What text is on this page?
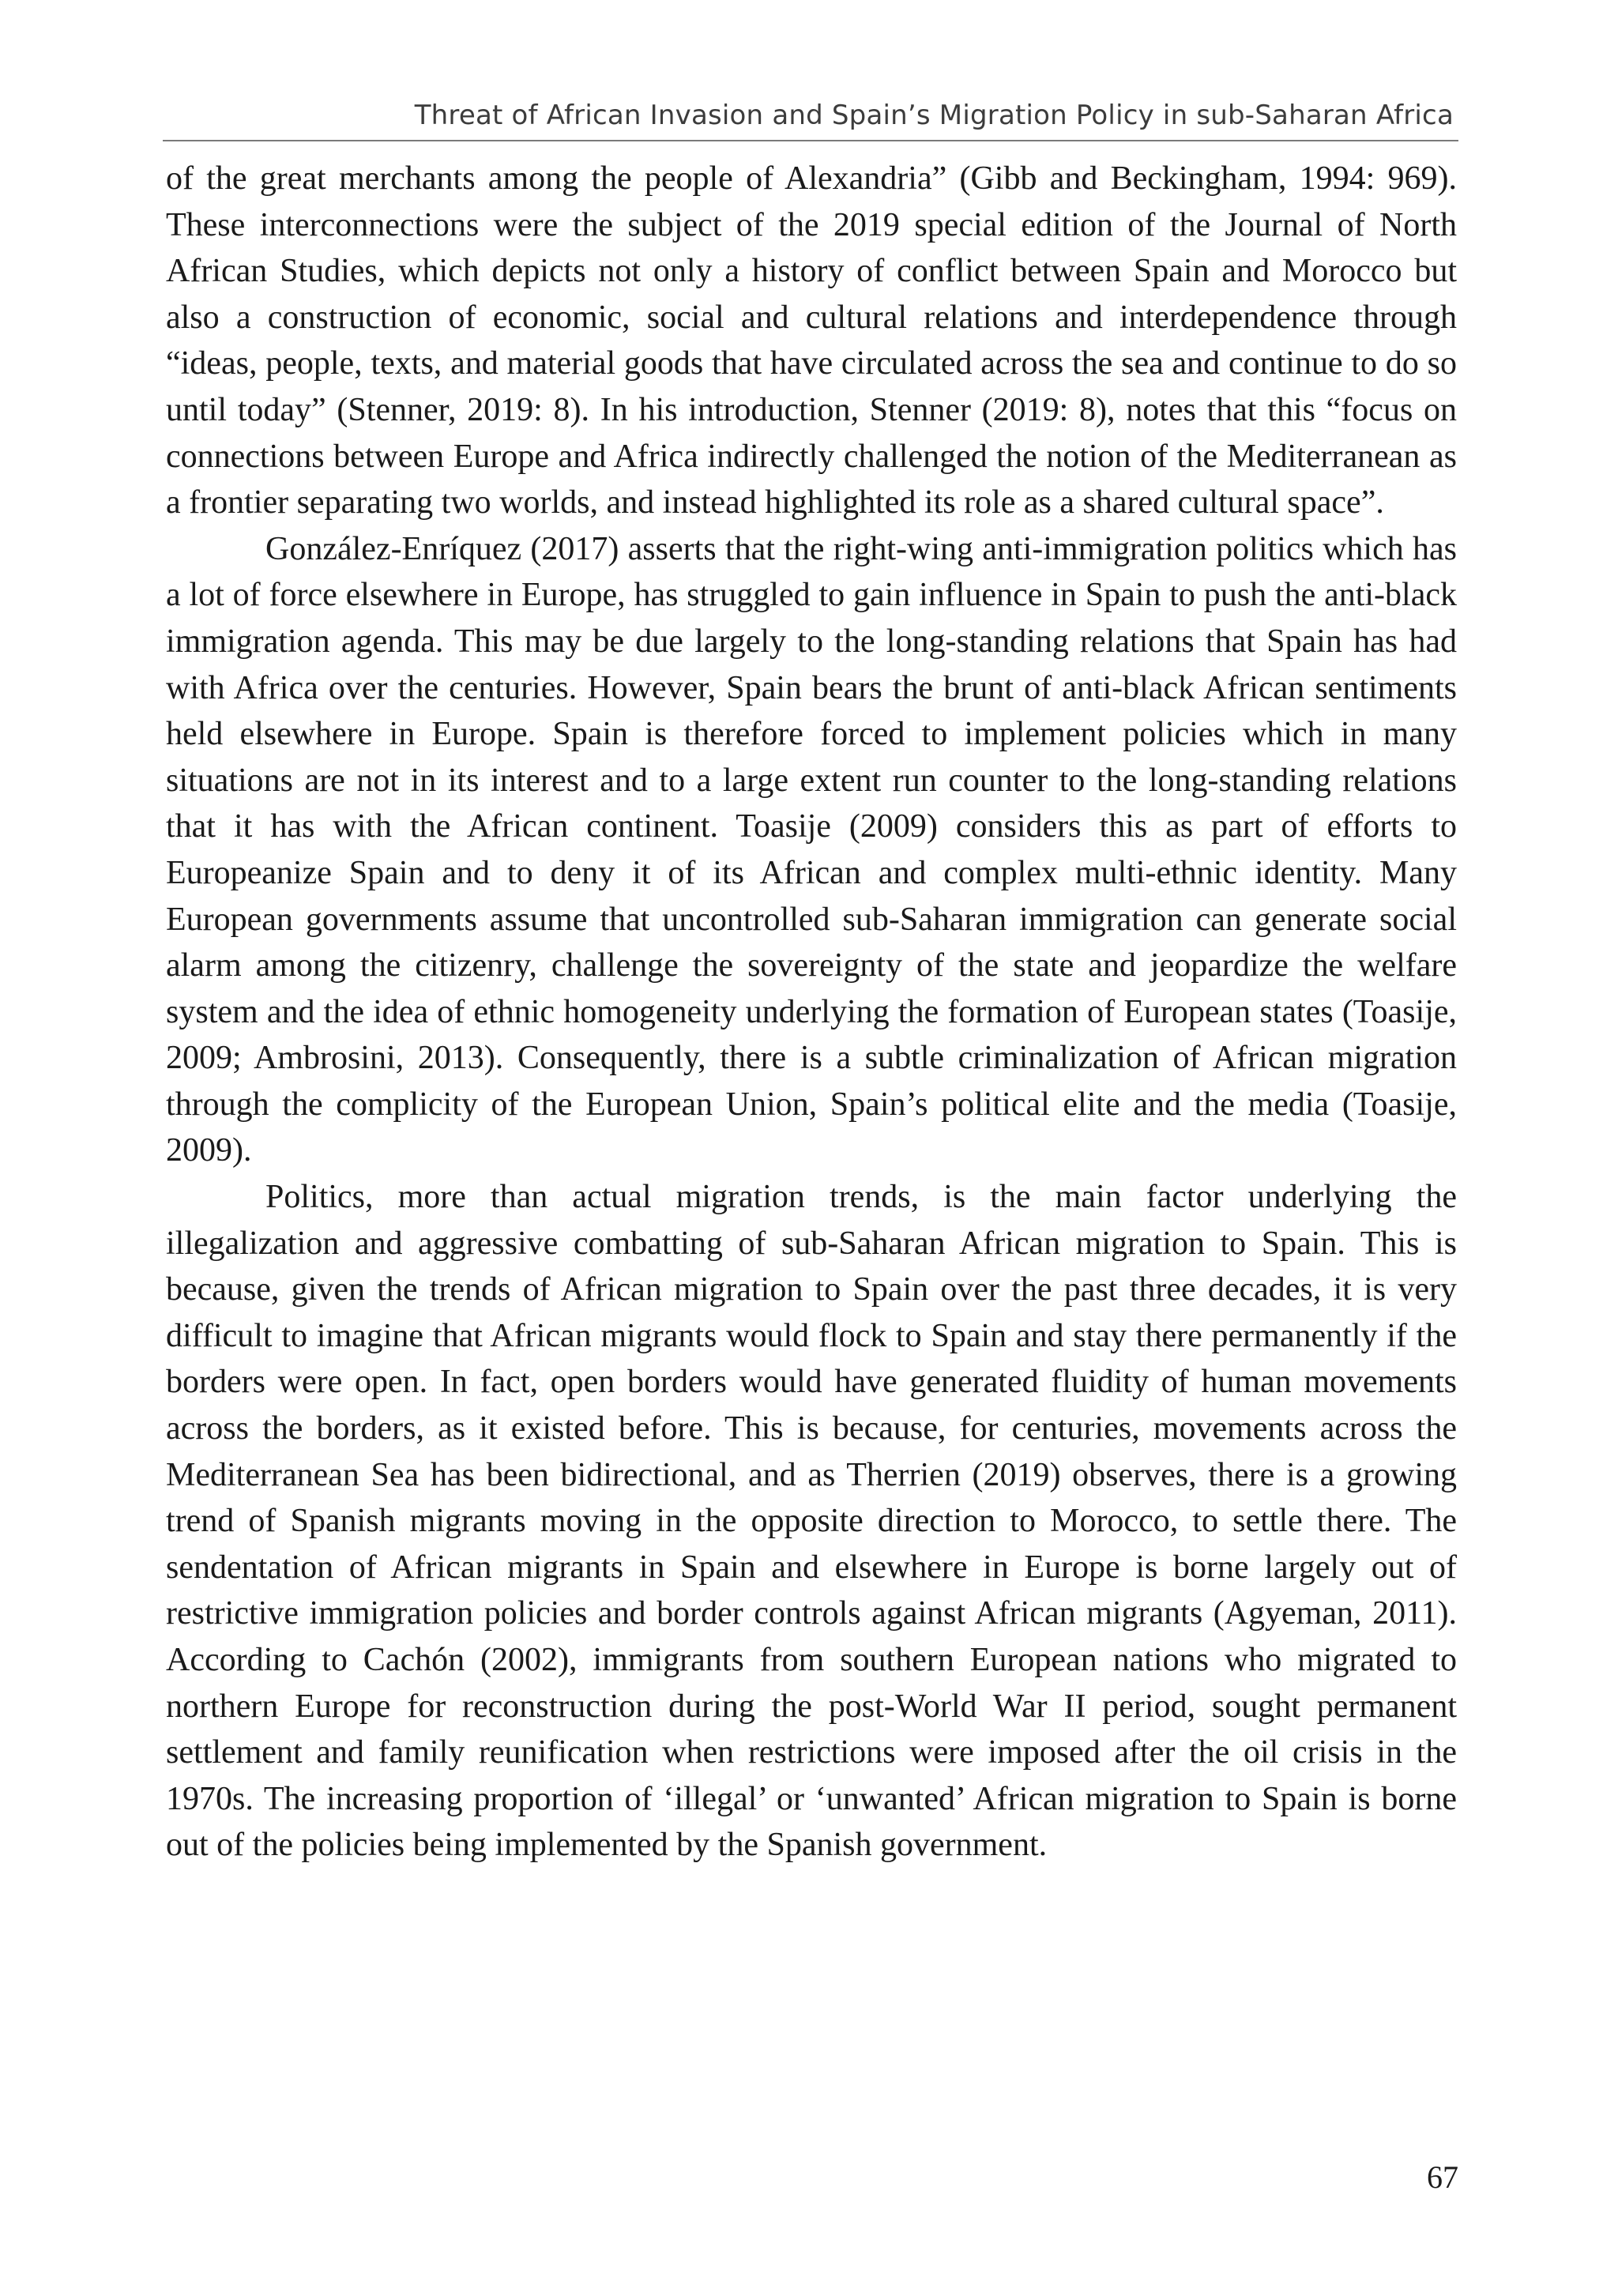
Threat of African Invasion and Spain’s Migration Policy in sub-Saharan Africa

of the great merchants among the people of Alexandria” (Gibb and Beckingham, 1994: 969). These interconnections were the subject of the 2019 special edition of the Journal of North African Studies, which depicts not only a history of conflict between Spain and Morocco but also a construction of economic, social and cultural relations and interdependence through “ideas, people, texts, and material goods that have circulated across the sea and continue to do so until today” (Stenner, 2019: 8). In his introduction, Stenner (2019: 8), notes that this “focus on connections between Europe and Africa indirectly challenged the notion of the Mediterranean as a frontier separating two worlds, and instead highlighted its role as a shared cultural space”.

González-Enríquez (2017) asserts that the right-wing anti-immigration politics which has a lot of force elsewhere in Europe, has struggled to gain influence in Spain to push the anti-black immigration agenda. This may be due largely to the long-standing relations that Spain has had with Africa over the centuries. However, Spain bears the brunt of anti-black African sentiments held elsewhere in Europe. Spain is therefore forced to implement policies which in many situations are not in its interest and to a large extent run counter to the long-standing relations that it has with the African continent. Toasije (2009) considers this as part of efforts to Europeanize Spain and to deny it of its African and complex multi-ethnic identity. Many European governments assume that uncontrolled sub-Saharan immigration can generate social alarm among the citizenry, challenge the sovereignty of the state and jeopardize the welfare system and the idea of ethnic homogeneity underlying the formation of European states (Toasije, 2009; Ambrosini, 2013). Consequently, there is a subtle criminalization of African migration through the complicity of the European Union, Spain’s political elite and the media (Toasije, 2009).

Politics, more than actual migration trends, is the main factor underlying the illegalization and aggressive combatting of sub-Saharan African migration to Spain. This is because, given the trends of African migration to Spain over the past three decades, it is very difficult to imagine that African migrants would flock to Spain and stay there permanently if the borders were open. In fact, open borders would have generated fluidity of human movements across the borders, as it existed before. This is because, for centuries, movements across the Mediterranean Sea has been bidirectional, and as Therrien (2019) observes, there is a growing trend of Spanish migrants moving in the opposite direction to Morocco, to settle there. The sendentation of African migrants in Spain and elsewhere in Europe is borne largely out of restrictive immigration policies and border controls against African migrants (Agyeman, 2011). According to Cachón (2002), immigrants from southern European nations who migrated to northern Europe for reconstruction during the post-World War II period, sought permanent settlement and family reunification when restrictions were imposed after the oil crisis in the 1970s. The increasing proportion of ‘illegal’ or ‘unwanted’ African migration to Spain is borne out of the policies being implemented by the Spanish government.

67
